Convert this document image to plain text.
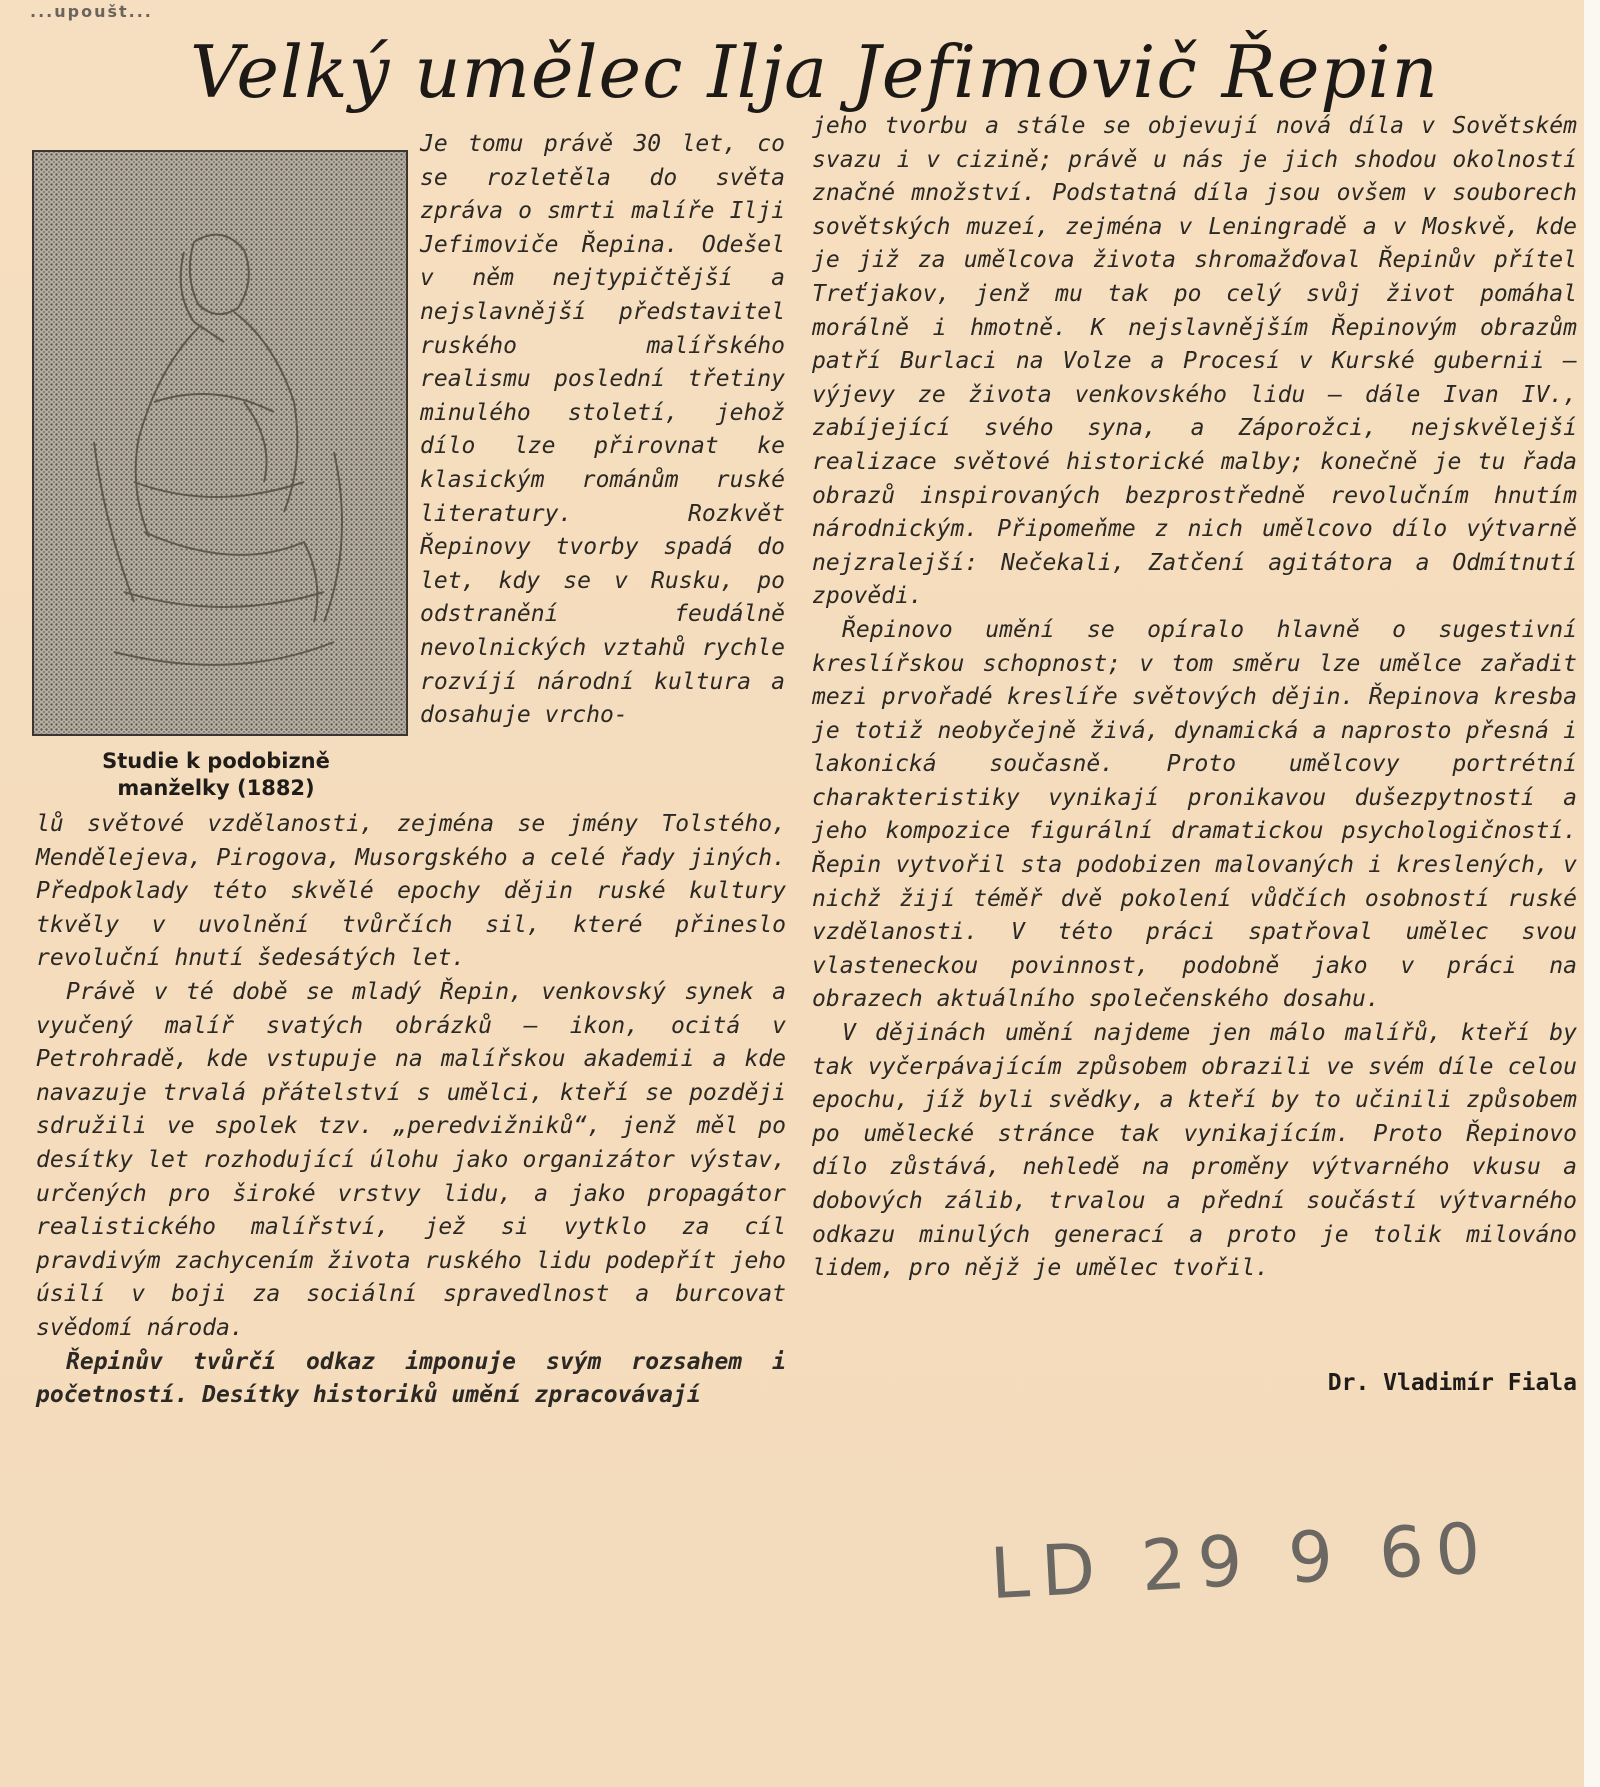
...upoušt...
Velký umělec Ilja Jefimovič Řepin
Studie k podobizně
manželky (1882)

Je tomu právě 30 let, co se rozletěla do světa zpráva o smrti malíře Ilji Jefimoviče Řepina. Odešel v něm nejtypičtější a nejslavnější představitel ruského malířského realismu poslední třetiny minulého století, jehož dílo lze přirovnat ke klasickým románům ruské literatury. Rozkvět Řepinovy tvorby spadá do let, kdy se v Rusku, po odstranění feudálně nevolnických vztahů rychle rozvíjí národní kultura a dosahuje vrcho-

lů světové vzdělanosti, zejména se jmény Tolstého, Mendělejeva, Pirogova, Musorgského a celé řady jiných. Předpoklady této skvělé epochy dějin ruské kultury tkvěly v uvolnění tvůrčích sil, které přineslo revoluční hnutí šedesátých let.

Právě v té době se mladý Řepin, venkovský synek a vyučený malíř svatých obrázků — ikon, ocitá v Petrohradě, kde vstupuje na malířskou akademii a kde navazuje trvalá přátelství s umělci, kteří se později sdružili ve spolek tzv. „peredvižniků“, jenž měl po desítky let rozhodující úlohu jako organizátor výstav, určených pro široké vrstvy lidu, a jako propagátor realistického malířství, jež si vytklo za cíl pravdivým zachycením života ruského lidu podepřít jeho úsilí v boji za sociální spravedlnost a burcovat svědomí národa.

Řepinův tvůrčí odkaz imponuje svým rozsahem i početností. Desítky historiků umění zpracovávají

jeho tvorbu a stále se objevují nová díla v Sovětském svazu i v cizině; právě u nás je jich shodou okolností značné množství. Podstatná díla jsou ovšem v souborech sovětských muzeí, zejména v Leningradě a v Moskvě, kde je již za umělcova života shromažďoval Řepinův přítel Treťjakov, jenž mu tak po celý svůj život pomáhal morálně i hmotně. K nejslavnějším Řepinovým obrazům patří Burlaci na Volze a Procesí v Kurské gubernii — výjevy ze života venkovského lidu — dále Ivan IV., zabíjející svého syna, a Záporožci, nejskvělejší realizace světové historické malby; konečně je tu řada obrazů inspirovaných bezprostředně revolučním hnutím národnickým. Připomeňme z nich umělcovo dílo výtvarně nejzralejší: Nečekali, Zatčení agitátora a Odmítnutí zpovědi.

Řepinovo umění se opíralo hlavně o sugestivní kreslířskou schopnost; v tom směru lze umělce zařadit mezi prvořadé kreslíře světových dějin. Řepinova kresba je totiž neobyčejně živá, dynamická a naprosto přesná i lakonická současně. Proto umělcovy portrétní charakteristiky vynikají pronikavou dušezpytností a jeho kompozice figurální dramatickou psychologičností. Řepin vytvořil sta podobizen malovaných i kreslených, v nichž žijí téměř dvě pokolení vůdčích osobností ruské vzdělanosti. V této práci spatřoval umělec svou vlasteneckou povinnost, podobně jako v práci na obrazech aktuálního společenského dosahu.

V dějinách umění najdeme jen málo malířů, kteří by tak vyčerpávajícím způsobem obrazili ve svém díle celou epochu, jíž byli svědky, a kteří by to učinili způsobem po umělecké stránce tak vynikajícím. Proto Řepinovo dílo zůstává, nehledě na proměny výtvarného vkusu a dobových zálib, trvalou a přední součástí výtvarného odkazu minulých generací a proto je tolik milováno lidem, pro nějž je umělec tvořil.

Dr. Vladimír Fiala
LD 29 9 60
